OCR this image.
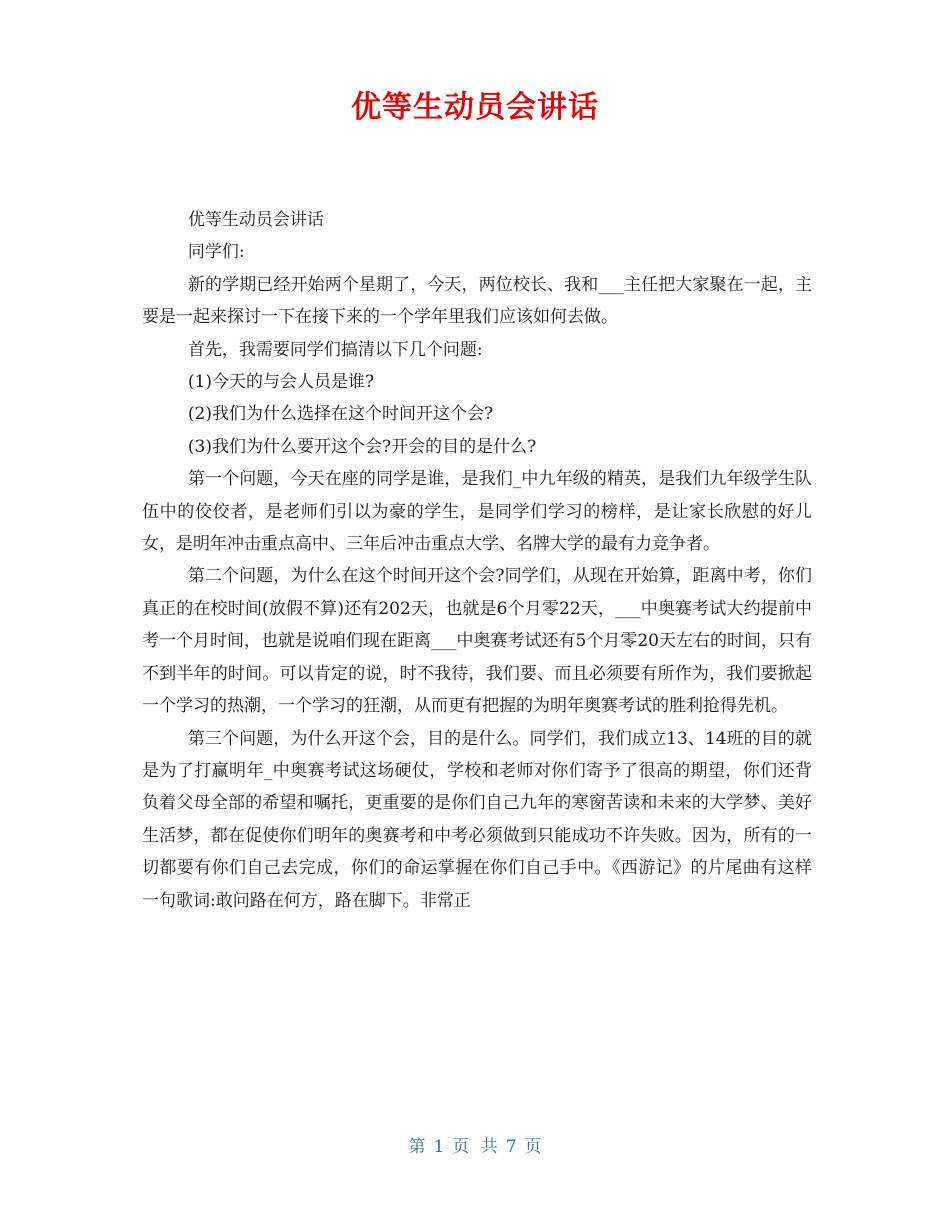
优等生动员会讲话

优等生动员会讲话

同学们:

新的学期已经开始两个星期了，今天，两位校长、我和___主任把大家聚在一起，主要是一起来探讨一下在接下来的一个学年里我们应该如何去做。

首先，我需要同学们搞清以下几个问题:

(1)今天的与会人员是谁?

(2)我们为什么选择在这个时间开这个会?

(3)我们为什么要开这个会?开会的目的是什么?

第一个问题，今天在座的同学是谁，是我们_中九年级的精英，是我们九年级学生队伍中的佼佼者，是老师们引以为豪的学生，是同学们学习的榜样，是让家长欣慰的好儿女，是明年冲击重点高中、三年后冲击重点大学、名牌大学的最有力竞争者。

第二个问题，为什么在这个时间开这个会?同学们，从现在开始算，距离中考，你们真正的在校时间(放假不算)还有202天，也就是6个月零22天，___中奥赛考试大约提前中考一个月时间，也就是说咱们现在距离___中奥赛考试还有5个月零20天左右的时间，只有不到半年的时间。可以肯定的说，时不我待，我们要、而且必须要有所作为，我们要掀起一个学习的热潮，一个学习的狂潮，从而更有把握的为明年奥赛考试的胜利抢得先机。

第三个问题，为什么开这个会，目的是什么。同学们，我们成立13、14班的目的就是为了打赢明年_中奥赛考试这场硬仗，学校和老师对你们寄予了很高的期望，你们还背负着父母全部的希望和嘱托，更重要的是你们自己九年的寒窗苦读和未来的大学梦、美好生活梦，都在促使你们明年的奥赛考和中考必须做到只能成功不许失败。因为，所有的一切都要有你们自己去完成，你们的命运掌握在你们自己手中。《西游记》的片尾曲有这样一句歌词:敢问路在何方，路在脚下。非常正

第 1 页 共 7 页
